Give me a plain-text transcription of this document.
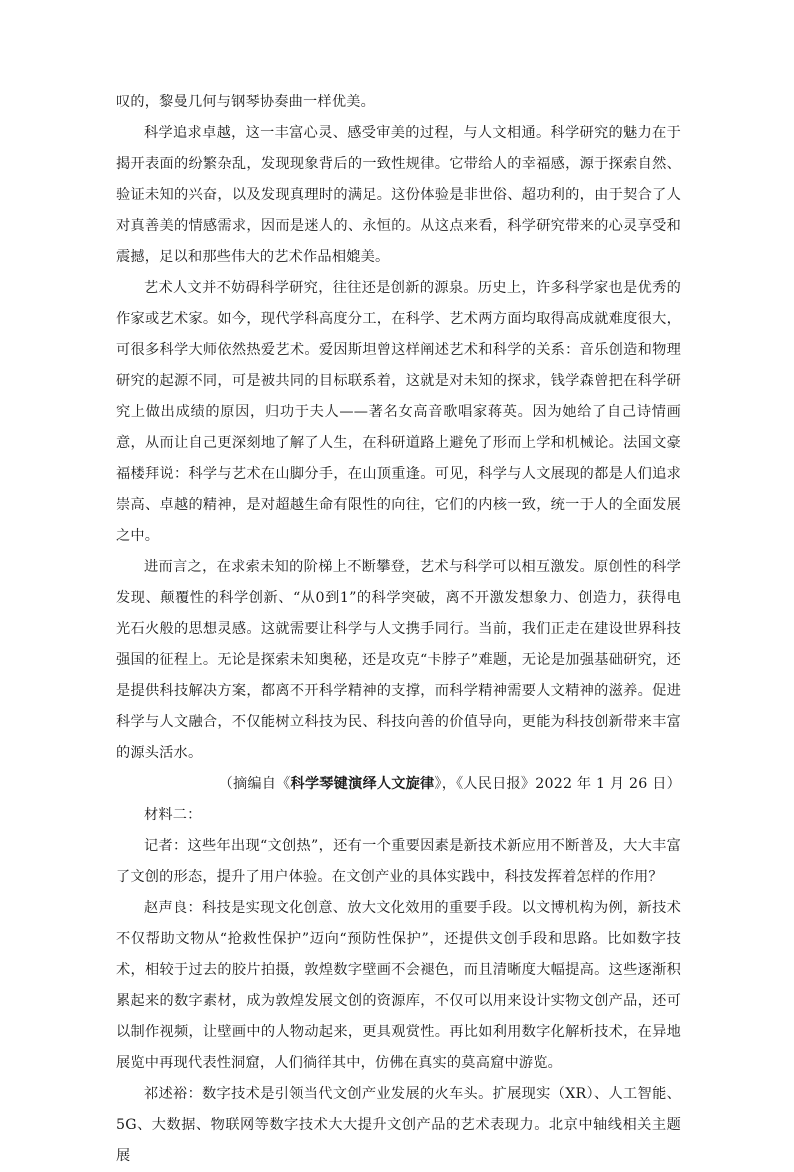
叹的，黎曼几何与钢琴协奏曲一样优美。

科学追求卓越，这一丰富心灵、感受审美的过程，与人文相通。科学研究的魅力在于揭开表面的纷繁杂乱，发现现象背后的一致性规律。它带给人的幸福感，源于探索自然、验证未知的兴奋，以及发现真理时的满足。这份体验是非世俗、超功利的，由于契合了人对真善美的情感需求，因而是迷人的、永恒的。从这点来看，科学研究带来的心灵享受和震撼，足以和那些伟大的艺术作品相媲美。

艺术人文并不妨碍科学研究，往往还是创新的源泉。历史上，许多科学家也是优秀的作家或艺术家。如今，现代学科高度分工，在科学、艺术两方面均取得高成就难度很大，可很多科学大师依然热爱艺术。爱因斯坦曾这样阐述艺术和科学的关系：音乐创造和物理研究的起源不同，可是被共同的目标联系着，这就是对未知的探求，钱学森曾把在科学研究上做出成绩的原因，归功于夫人——著名女高音歌唱家蒋英。因为她给了自己诗情画意，从而让自己更深刻地了解了人生，在科研道路上避免了形而上学和机械论。法国文豪福楼拜说：科学与艺术在山脚分手，在山顶重逢。可见，科学与人文展现的都是人们追求崇高、卓越的精神，是对超越生命有限性的向往，它们的内核一致，统一于人的全面发展之中。

进而言之，在求索未知的阶梯上不断攀登，艺术与科学可以相互激发。原创性的科学发现、颠覆性的科学创新、“从0到1”的科学突破，离不开激发想象力、创造力，获得电光石火般的思想灵感。这就需要让科学与人文携手同行。当前，我们正走在建设世界科技强国的征程上。无论是探索未知奥秘，还是攻克“卡脖子”难题，无论是加强基础研究，还是提供科技解决方案，都离不开科学精神的支撑，而科学精神需要人文精神的滋养。促进科学与人文融合，不仅能树立科技为民、科技向善的价值导向，更能为科技创新带来丰富的源头活水。

（摘编自《科学琴键演绎人文旋律》，《人民日报》2022 年 1 月 26 日）

材料二：

记者：这些年出现“文创热”，还有一个重要因素是新技术新应用不断普及，大大丰富了文创的形态，提升了用户体验。在文创产业的具体实践中，科技发挥着怎样的作用？

赵声良：科技是实现文化创意、放大文化效用的重要手段。以文博机构为例，新技术不仅帮助文物从“抢救性保护”迈向“预防性保护”，还提供文创手段和思路。比如数字技术，相较于过去的胶片拍摄，敦煌数字壁画不会褪色，而且清晰度大幅提高。这些逐渐积累起来的数字素材，成为敦煌发展文创的资源库，不仅可以用来设计实物文创产品，还可以制作视频，让壁画中的人物动起来，更具观赏性。再比如利用数字化解析技术，在异地展览中再现代表性洞窟，人们徜徉其中，仿佛在真实的莫高窟中游览。

祁述裕：数字技术是引领当代文创产业发展的火车头。扩展现实（XR）、人工智能、5G、大数据、物联网等数字技术大大提升文创产品的艺术表现力。北京中轴线相关主题展
